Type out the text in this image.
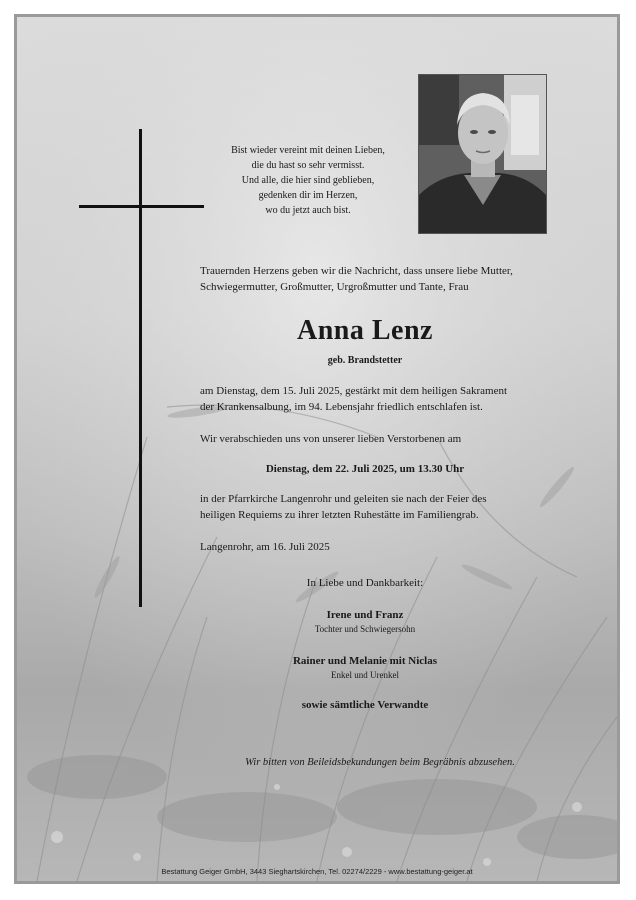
Bist wieder vereint mit deinen Lieben,
die du hast so sehr vermisst.
Und alle, die hier sind geblieben,
gedenken dir im Herzen,
wo du jetzt auch bist.
Trauernden Herzens geben wir die Nachricht, dass unsere liebe Mutter,
Schwiegermutter, Großmutter, Urgroßmutter und Tante, Frau
Anna Lenz
geb. Brandstetter
am Dienstag, dem 15. Juli 2025, gestärkt mit dem heiligen Sakrament
der Krankensalbung, im 94. Lebensjahr friedlich entschlafen ist.
Wir verabschieden uns von unserer lieben Verstorbenen am
Dienstag, dem 22. Juli 2025, um 13.30 Uhr
in der Pfarrkirche Langenrohr und geleiten sie nach der Feier des
heiligen Requiems zu ihrer letzten Ruhestätte im Familiengrab.
Langenrohr, am 16. Juli 2025
In Liebe und Dankbarkeit:
Irene und Franz
Tochter und Schwiegersohn
Rainer und Melanie mit Niclas
Enkel und Urenkel
sowie sämtliche Verwandte
Wir bitten von Beileidsbekundungen beim Begräbnis abzusehen.
Bestattung Geiger GmbH, 3443 Sieghartskirchen, Tel. 02274/2229 - www.bestattung-geiger.at
